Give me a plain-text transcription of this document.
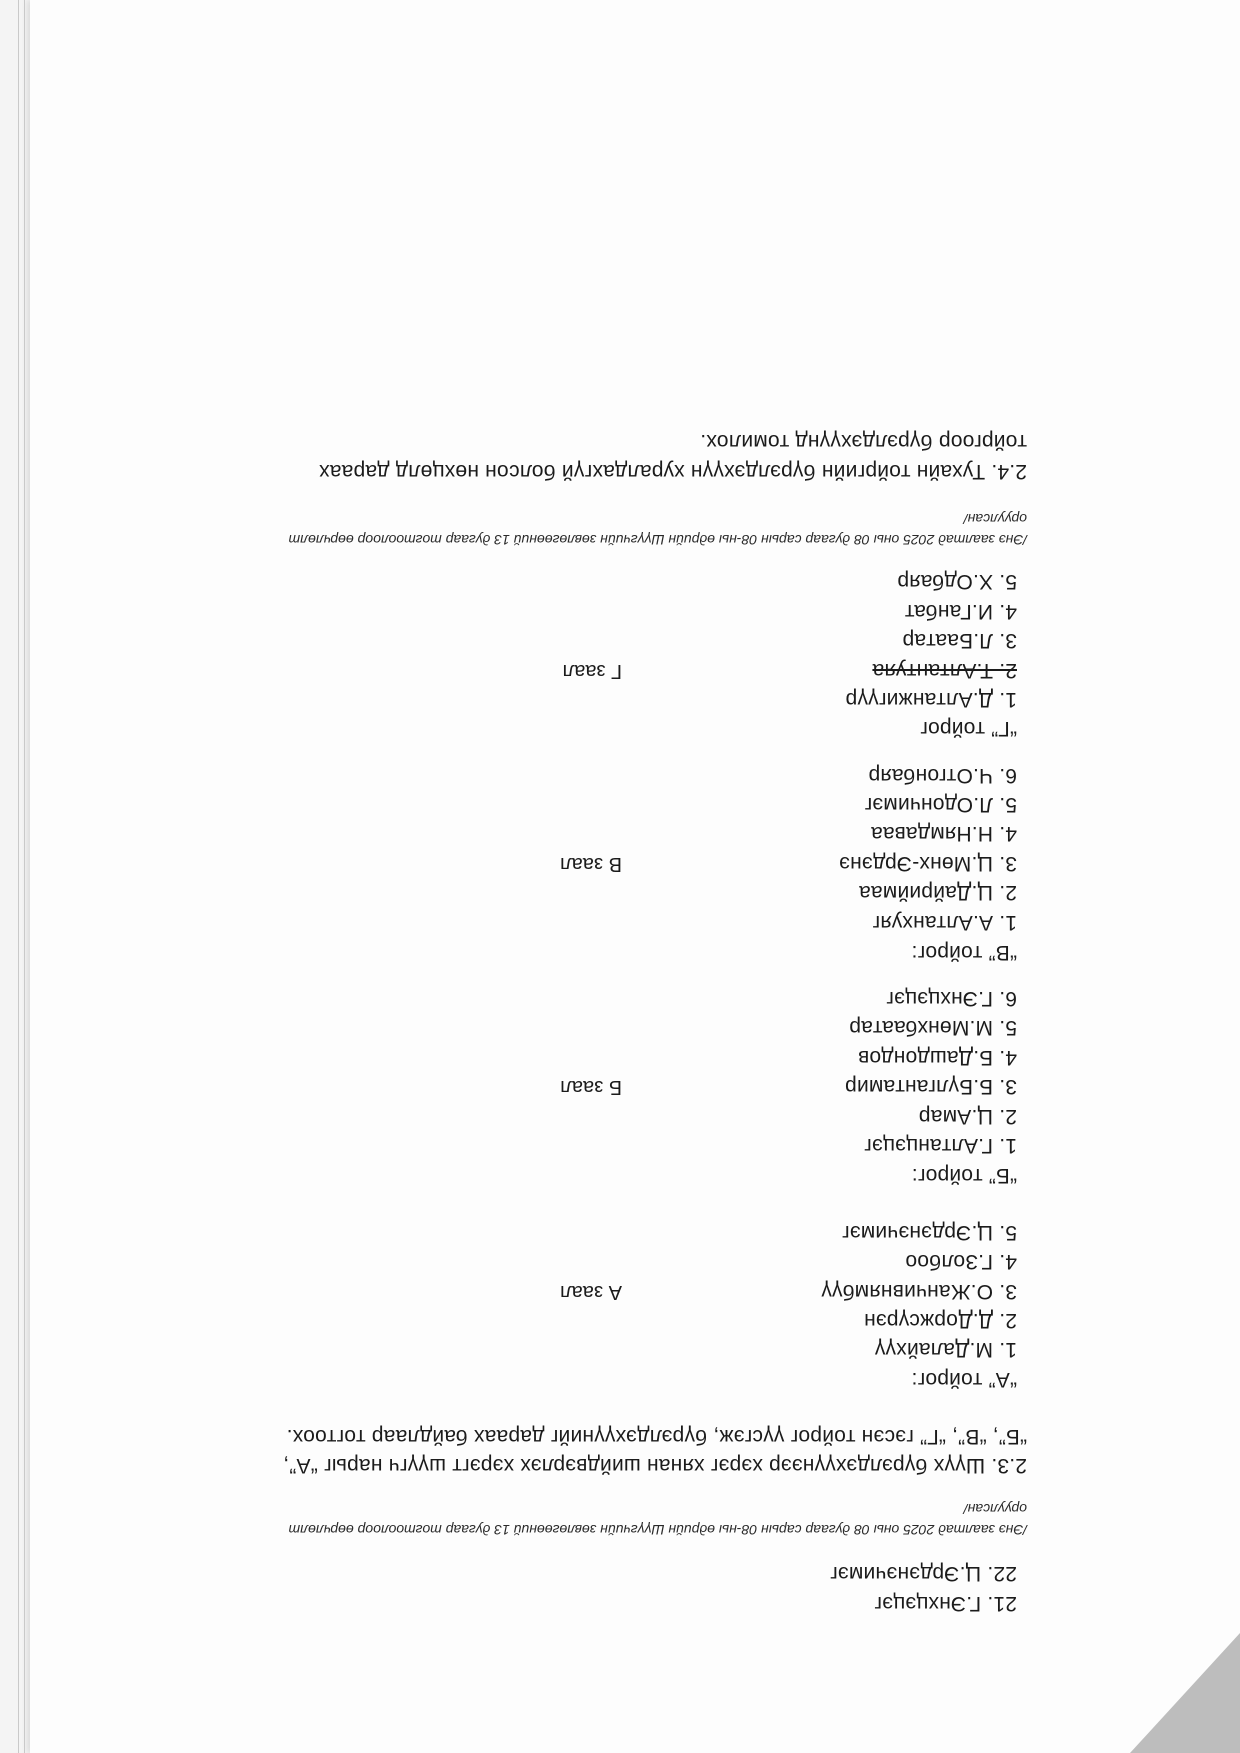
21. Г.Энхцэцэг
22. Ц.Эрдэнэчимэг
/Энэ заалтад 2025 оны 08 дугаар сарын 08-ны өдрийн Шүүгчийн зөвлөгөөний 13 дугаар тогтоолоор өөрчлөлт
оруулсан/
2.3. Шүүх бүрэлдэхүүнээр хэрэг хянан шийдвэрлэх хэрэгт шүүгч нарыг “А”,
“Б”, “В”, “Г” гэсэн тойрог үүсгэж, бүрэлдэхүүнийг дараах байдлаар тогтоох.
“А” тойрог:
1. М.Далайхүү
2. Д.Доржсүрэн
3. О.Жанчивнямбүү
4. Г.Золбоо
5. Ц.Эрдэнэчимэг
А заал
“Б” тойрог:
1. Г.Алтанцэцэг
2. Ц.Амар
3. Б.Бүлгантамир
4. Б.Дашдондов
5. М.Мөнхбаатар
6. Г.Энхцэцэг
Б заал
“В” тойрог:
1. А.Алтанхуяг
2. Ц.Дайриймаа
3. Ц.Мөнх-Эрдэнэ
4. Н.Нямдаваа
5. Л.Одончимэг
6. Ч.Отгонбаяр
В заал
“Г” тойрог
1. Д.Алтанжигүүр
2. Т.Алтантуяа
3. Л.Баатар
4. И.Ганбат
5. Х.Одбаяр
Г заал
/Энэ заалтад 2025 оны 08 дугаар сарын 08-ны өдрийн Шүүгчийн зөвлөгөөний 13 дугаар тогтоолоор өөрчлөлт
оруулсан/
2.4. Тухайн тойргийн бүрэлдэхүүн хуралдахгүй болсон нөхцөлд дараах
тойргоор бүрэлдэхүүнд томилох.
